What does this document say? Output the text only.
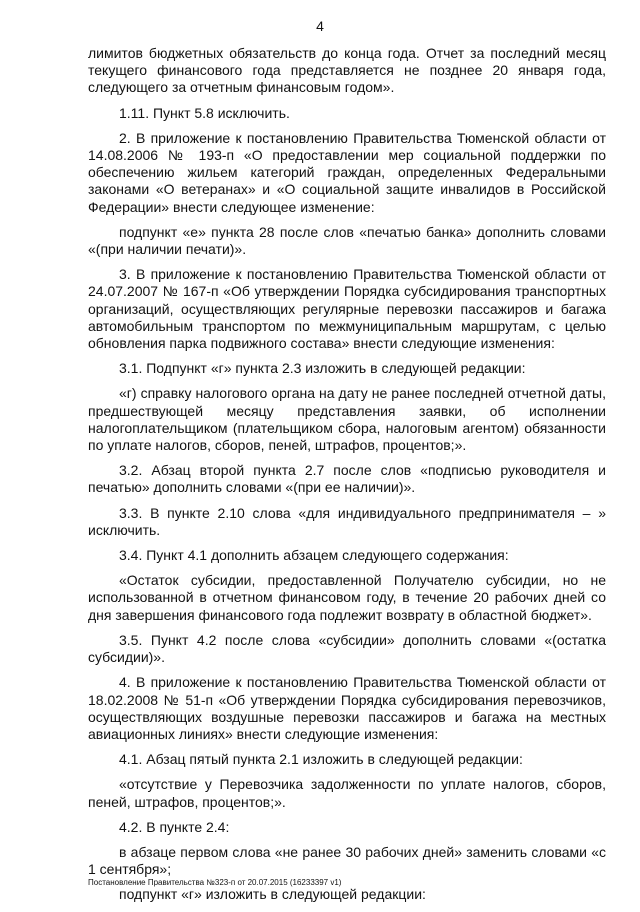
4

лимитов бюджетных обязательств до конца года. Отчет за последний месяц текущего финансового года представляется не позднее 20 января года, следующего за отчетным финансовым годом».

1.11. Пункт 5.8 исключить.

2. В приложение к постановлению Правительства Тюменской области от 14.08.2006 № 193-п «О предоставлении мер социальной поддержки по обеспечению жильем категорий граждан, определенных Федеральными законами «О ветеранах» и «О социальной защите инвалидов в Российской Федерации» внести следующее изменение:

подпункт «е» пункта 28 после слов «печатью банка» дополнить словами «(при наличии печати)».

3. В приложение к постановлению Правительства Тюменской области от 24.07.2007 № 167-п «Об утверждении Порядка субсидирования транспортных организаций, осуществляющих регулярные перевозки пассажиров и багажа автомобильным транспортом по межмуниципальным маршрутам, с целью обновления парка подвижного состава» внести следующие изменения:

3.1. Подпункт «г» пункта 2.3 изложить в следующей редакции:

«г) справку налогового органа на дату не ранее последней отчетной даты, предшествующей месяцу представления заявки, об исполнении налогоплательщиком (плательщиком сбора, налоговым агентом) обязанности по уплате налогов, сборов, пеней, штрафов, процентов;».

3.2. Абзац второй пункта 2.7 после слов «подписью руководителя и печатью» дополнить словами «(при ее наличии)».

3.3. В пункте 2.10 слова «для индивидуального предпринимателя – » исключить.

3.4. Пункт 4.1 дополнить абзацем следующего содержания:

«Остаток субсидии, предоставленной Получателю субсидии, но не использованной в отчетном финансовом году, в течение 20 рабочих дней со дня завершения финансового года подлежит возврату в областной бюджет».

3.5. Пункт 4.2 после слова «субсидии» дополнить словами «(остатка субсидии)».

4. В приложение к постановлению Правительства Тюменской области от 18.02.2008 № 51-п «Об утверждении Порядка субсидирования перевозчиков, осуществляющих воздушные перевозки пассажиров и багажа на местных авиационных линиях» внести следующие изменения:

4.1. Абзац пятый пункта 2.1 изложить в следующей редакции:

«отсутствие у Перевозчика задолженности по уплате налогов, сборов, пеней, штрафов, процентов;».

4.2. В пункте 2.4:

в абзаце первом слова «не ранее 30 рабочих дней» заменить словами «с 1 сентября»;

подпункт «г» изложить в следующей редакции:

Постановление Правительства №323-п от 20.07.2015 (16233397 v1)
